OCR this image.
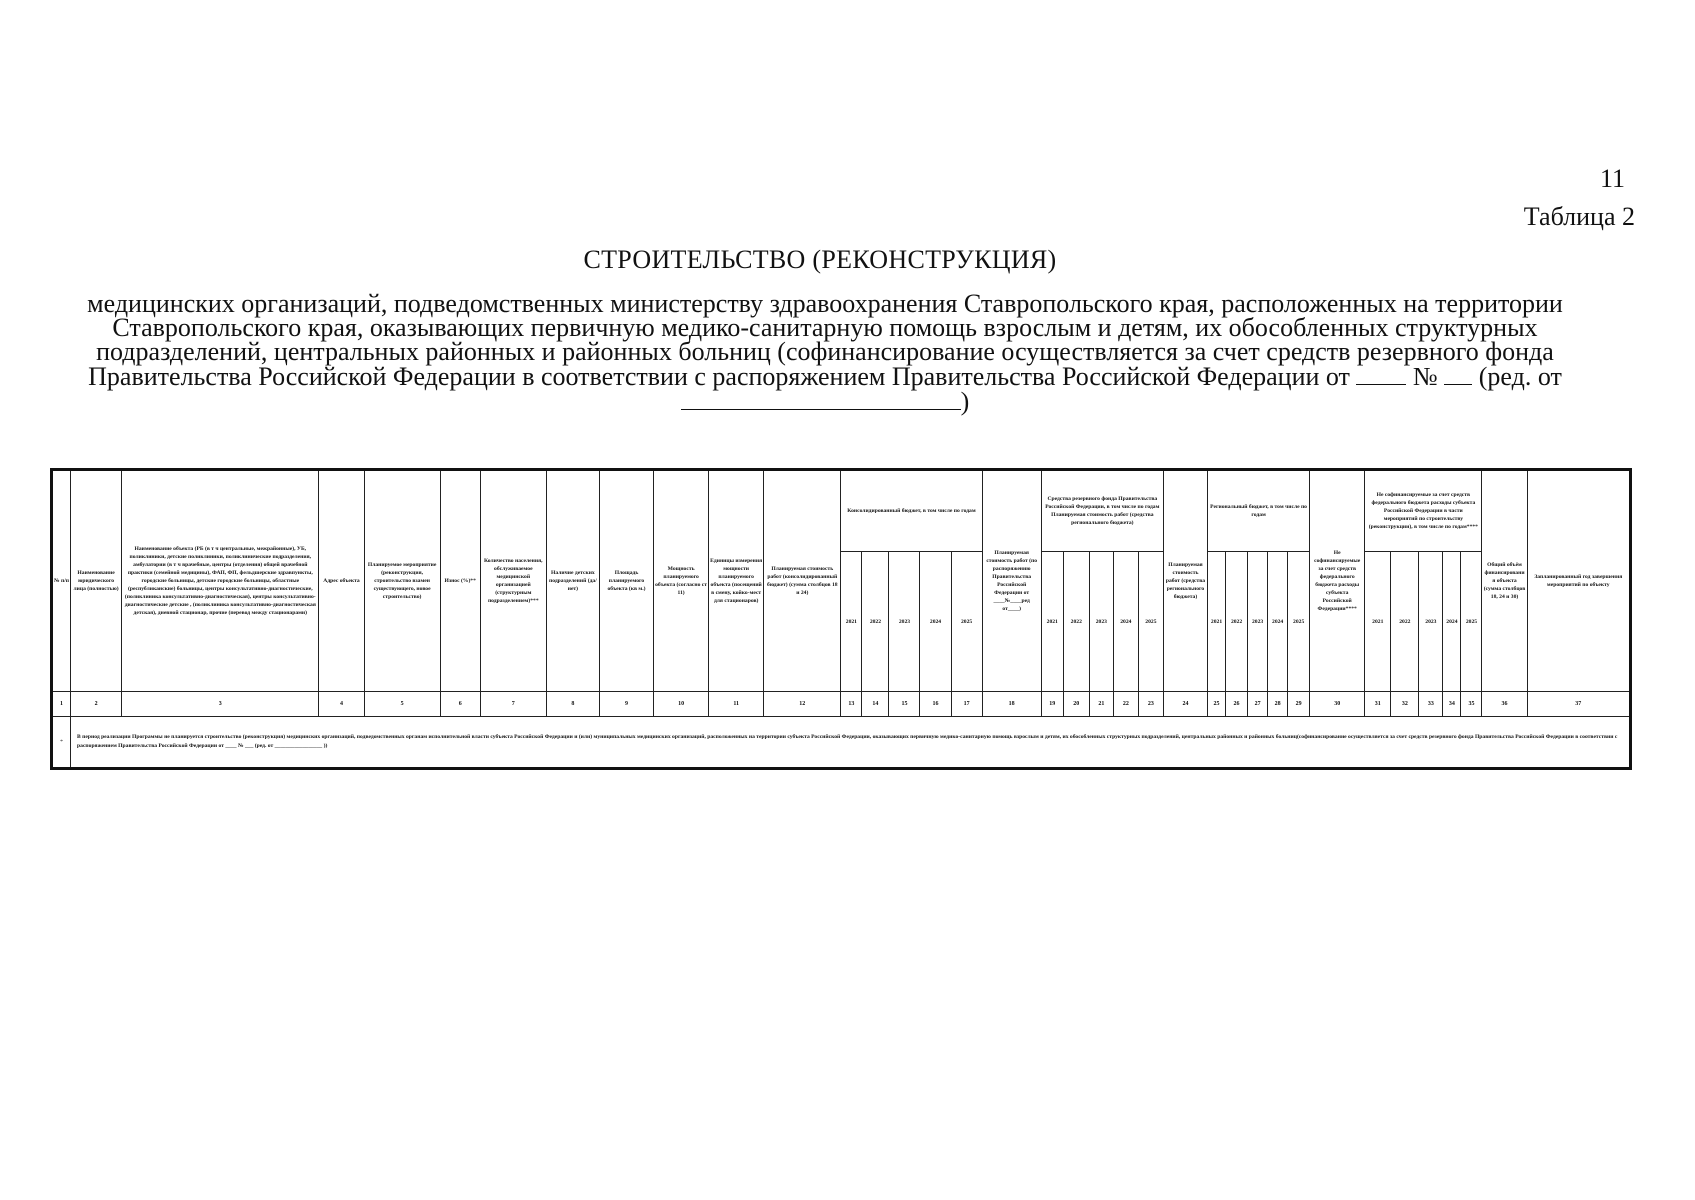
11
Таблица 2
СТРОИТЕЛЬСТВО (РЕКОНСТРУКЦИЯ)
медицинских организаций, подведомственных министерству здравоохранения Ставропольского края, расположенных на территории Ставропольского края, оказывающих первичную медико-санитарную помощь взрослым и детям, их обособленных структурных подразделений, центральных районных и районных больниц (софинансирование осуществляется за счет средств резервного фонда Правительства Российской Федерации в соответствии с распоряжением Правительства Российской Федерации от № (ред. от )
№ п/п	Наименование юридического лица (полностью)	Наименование объекта (РБ (в т ч центральные, межрайонные), УБ, поликлиники, детские поликлиники, поликлинические подразделения, амбулатории (в т ч врачебные, центры (отделения) общей врачебной практики (семейной медицины), ФАП, ФП, фельдшерские здравпункты, городские больницы, детские городские больницы, областные (республиканские) больницы, центры консультативно-диагностические, (поликлиника консультативно-диагностическая), центры консультативно-диагностические детские , (поликлиника консультативно-диагностическая детская), дневной стационар, прочие (перевод между стационарами)	Адрес объекта	Планируемое мероприятие (реконструкция, строительство взамен существующего, новое строительство)	Износ (%)**	Количество населения, обслуживаемое медицинской организацией (структурным подразделением)***	Наличие детских подразделений (да/нет)	Площадь планируемого объекта (кв м.)	Мощность планируемого объекта (согласно ст 11)	Единицы измерения мощности планируемого объекта (посещений в смену, койко-мест для стационаров)	Планируемая стоимость работ (консолидированный бюджет) (сумма столбцов 18 и 24)	Консолидированный бюджет, в том числе по годам					Планируемая стоимость работ (по распоряжению Правительства Российской Федерации от ____№____ред от____)	Средства резервного фонда Правительства Российской Федерации, в том числе по годам Планируемая стоимость работ (средства регионального бюджета)					Планируемая стоимость работ (средства регионального бюджета)	Региональный бюджет, в том числе по годам					Не софинансируемые за счет средств федерального бюджета расходы субъекта Российской Федерации****	Не софинансируемые за счет средств федерального бюджета расходы субъекта Российской Федерации в части мероприятий по строительству (реконструкции), в том числе по годам****					Общий объём финансирования объекта (сумма столбцов 18, 24 и 30)	Запланированный год завершения мероприятий по объекту
												2021	2022	2023	2024	2025		2021	2022	2023	2024	2025		2021	2022	2023	2024	2025		2021	2022	2023	2024	2025		
1	2	3	4	5	6	7	8	9	10	11	12	13	14	15	16	17	18	19	20	21	22	23	24	25	26	27	28	29	30	31	32	33	34	35	36	37
*	В период реализации Программы не планируется строительство (реконструкция) медицинских организаций, подведомственных органам исполнительной власти субъекта Российской Федерации и (или) муниципальных медицинских организаций, расположенных на территории субъекта Российской Федерации, оказывающих первичную медико-санитарную помощь взрослым и детям, их обособленных структурных подразделений, центральных районных и районных больниц(софинансирование осуществляется за счет средств резервного фонда Правительства Российской Федерации в соответствии с распоряжением Правительства Российской Федерации от ____ № ___ (ред. от _________________ ))																																			
